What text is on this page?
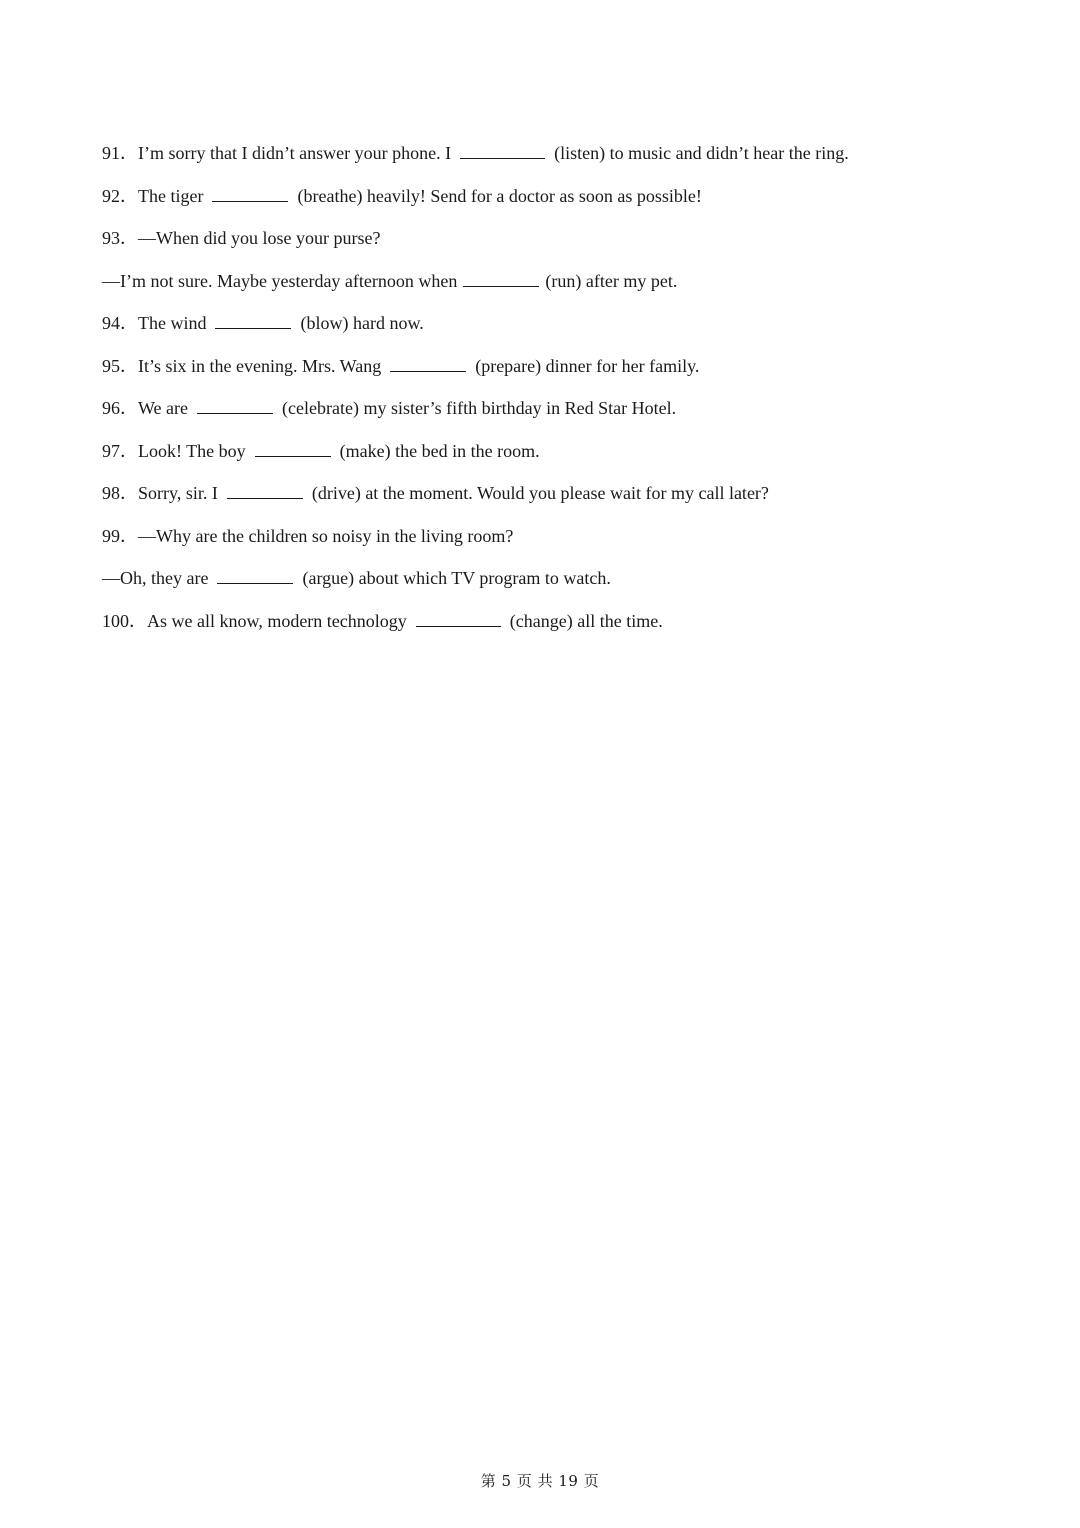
91．I’m sorry that I didn’t answer your phone. I	(listen) to music and didn’t hear the ring.
92．The tiger	(breathe) heavily! Send for a doctor as soon as possible!
93．—When did you lose your purse?
—I’m not sure. Maybe yesterday afternoon when	(run) after my pet.
94．The wind	(blow) hard now.
95．It’s six in the evening. Mrs. Wang	(prepare) dinner for her family.
96．We are	(celebrate) my sister’s fifth birthday in Red Star Hotel.
97．Look! The boy	(make) the bed in the room.
98．Sorry, sir. I	(drive) at the moment. Would you please wait for my call later?
99．—Why are the children so noisy in the living room?
—Oh, they are	(argue) about which TV program to watch.
100．As we all know, modern technology	(change) all the time.
第 5 页 共 19 页
